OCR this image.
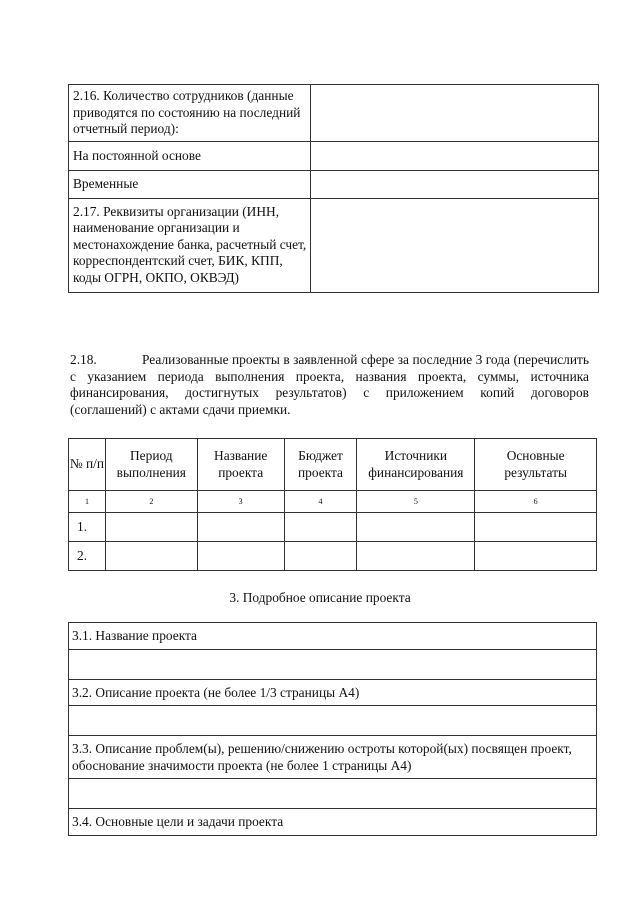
2.16. Количество сотрудников (данные приводятся по состоянию на последний отчетный период):	
На постоянной основе	
Временные	
2.17. Реквизиты организации (ИНН, наименование организации и местонахождение банка, расчетный счет, корреспондентский счет, БИК, КПП, коды ОГРН, ОКПО, ОКВЭД)	
2.18.	Реализованные проекты в заявленной сфере за последние 3 года (перечислить с указанием периода выполнения проекта, названия проекта, суммы, источника финансирования, достигнутых результатов) с приложением копий договоров (соглашений) с актами сдачи приемки.
№ п/п	Период выполнения	Название проекта	Бюджет проекта	Источники финансирования	Основные результаты
1	2	3	4	5	6
1.					
2.					
3. Подробное описание проекта
3.1. Название проекта

3.2. Описание проекта (не более 1/3 страницы А4)

3.3. Описание проблем(ы), решению/снижению остроты которой(ых) посвящен проект, обоснование значимости проекта (не более 1 страницы А4)

3.4. Основные цели и задачи проекта
